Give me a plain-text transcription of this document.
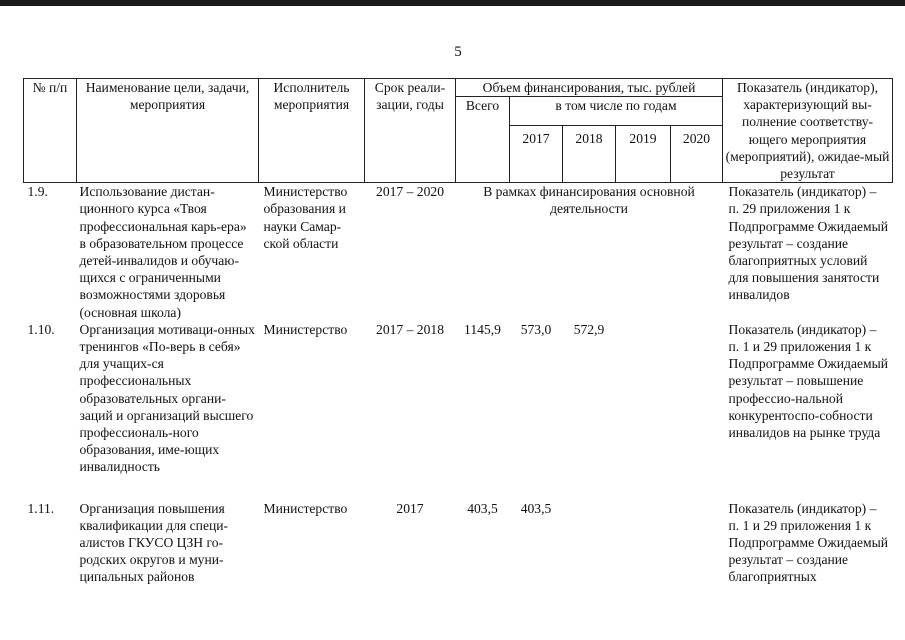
5
№ п/п	Наименование цели, задачи, мероприятия	Исполнитель мероприятия	Срок реали-зации, годы	Объем финансирования, тыс. рублей					Показатель (индикатор), характеризующий вы-полнение соответству-ющего мероприятия (мероприятий), ожидае-мый результат
				Всего	в том числе по годам				
					2017	2018	2019	2020	
1.9.	Использование дистан-ционного курса «Твоя профессиональная карь-ера» в образовательном процессе детей-инвалидов и обучаю-щихся с ограниченными возможностями здоровья (основная школа)	Министерство образования и науки Самар-ской области	2017 – 2020	В рамках финансирования основной деятельности					Показатель (индикатор) – п. 29 приложения 1 к Подпрограмме Ожидаемый результат – создание благоприятных условий для повышения занятости инвалидов
1.10.	Организация мотиваци-онных тренингов «По-верь в себя» для учащих-ся профессиональных образовательных органи-заций и организаций высшего профессиональ-ного образования, име-ющих инвалидность	Министерство	2017 – 2018	1145,9	573,0	572,9			Показатель (индикатор) – п. 1 и 29 приложения 1 к Подпрограмме Ожидаемый результат – повышение профессио-нальной конкурентоспо-собности инвалидов на рынке труда

1.11.	Организация повышения квалификации для специ-алистов ГКУСО ЦЗН го-родских округов и муни-ципальных районов	Министерство	2017	403,5	403,5				Показатель (индикатор) – п. 1 и 29 приложения 1 к Подпрограмме Ожидаемый результат – создание благоприятных
